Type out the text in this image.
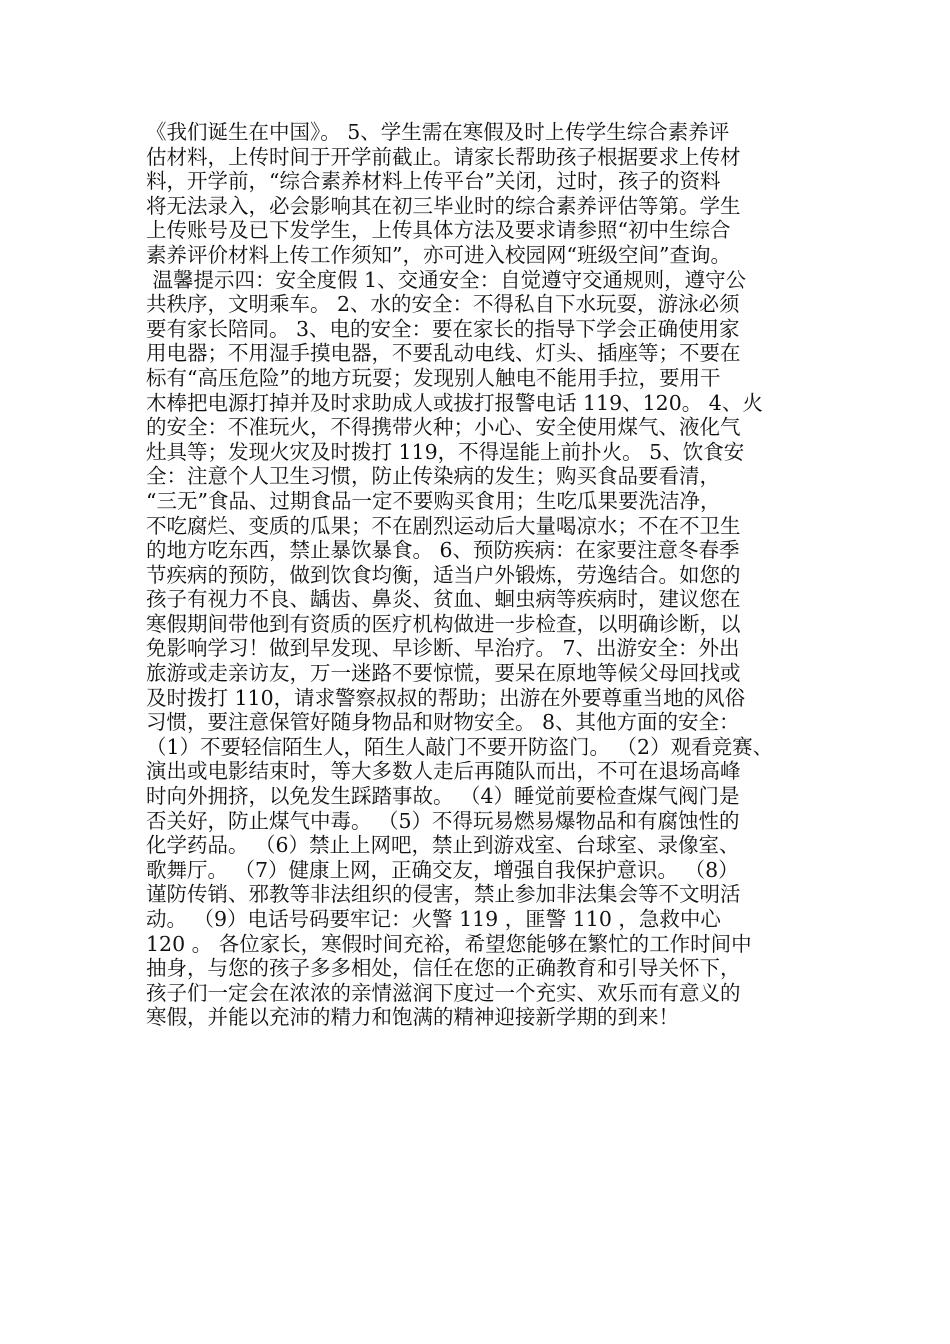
《我们诞生在中国》。 5、学生需在寒假及时上传学生综合素养评
估材料，上传时间于开学前截止。请家长帮助孩子根据要求上传材
料，开学前，“综合素养材料上传平台”关闭，过时，孩子的资料
将无法录入，必会影响其在初三毕业时的综合素养评估等第。学生
上传账号及已下发学生，上传具体方法及要求请参照“初中生综合
素养评价材料上传工作须知”，亦可进入校园网“班级空间”查询。
温馨提示四：安全度假 1、交通安全：自觉遵守交通规则，遵守公
共秩序，文明乘车。 2、水的安全：不得私自下水玩耍，游泳必须
要有家长陪同。 3、电的安全：要在家长的指导下学会正确使用家
用电器；不用湿手摸电器，不要乱动电线、灯头、插座等；不要在
标有“高压危险”的地方玩耍；发现别人触电不能用手拉，要用干
木棒把电源打掉并及时求助成人或拔打报警电话 119、120。 4、火
的安全：不准玩火，不得携带火种；小心、安全使用煤气、液化气
灶具等；发现火灾及时拨打 119，不得逞能上前扑火。 5、饮食安
全：注意个人卫生习惯，防止传染病的发生；购买食品要看清，
“三无”食品、过期食品一定不要购买食用；生吃瓜果要洗洁净，
不吃腐烂、变质的瓜果；不在剧烈运动后大量喝凉水；不在不卫生
的地方吃东西，禁止暴饮暴食。 6、预防疾病：在家要注意冬春季
节疾病的预防，做到饮食均衡，适当户外锻炼，劳逸结合。如您的
孩子有视力不良、龋齿、鼻炎、贫血、蛔虫病等疾病时，建议您在
寒假期间带他到有资质的医疗机构做进一步检查，以明确诊断，以
免影响学习！做到早发现、早诊断、早治疗。 7、出游安全：外出
旅游或走亲访友，万一迷路不要惊慌，要呆在原地等候父母回找或
及时拨打 110，请求警察叔叔的帮助；出游在外要尊重当地的风俗
习惯，要注意保管好随身物品和财物安全。 8、其他方面的安全：
（1）不要轻信陌生人，陌生人敲门不要开防盗门。 （2）观看竞赛、
演出或电影结束时，等大多数人走后再随队而出，不可在退场高峰
时向外拥挤，以免发生踩踏事故。 （4）睡觉前要检查煤气阀门是
否关好，防止煤气中毒。 （5）不得玩易燃易爆物品和有腐蚀性的
化学药品。 （6）禁止上网吧，禁止到游戏室、台球室、录像室、
歌舞厅。 （7）健康上网，正确交友，增强自我保护意识。 （8）
谨防传销、邪教等非法组织的侵害，禁止参加非法集会等不文明活
动。 （9）电话号码要牢记：火警 119 ，匪警 110 ，急救中心
120 。 各位家长，寒假时间充裕，希望您能够在繁忙的工作时间中
抽身，与您的孩子多多相处，信任在您的正确教育和引导关怀下，
孩子们一定会在浓浓的亲情滋润下度过一个充实、欢乐而有意义的
寒假，并能以充沛的精力和饱满的精神迎接新学期的到来！
